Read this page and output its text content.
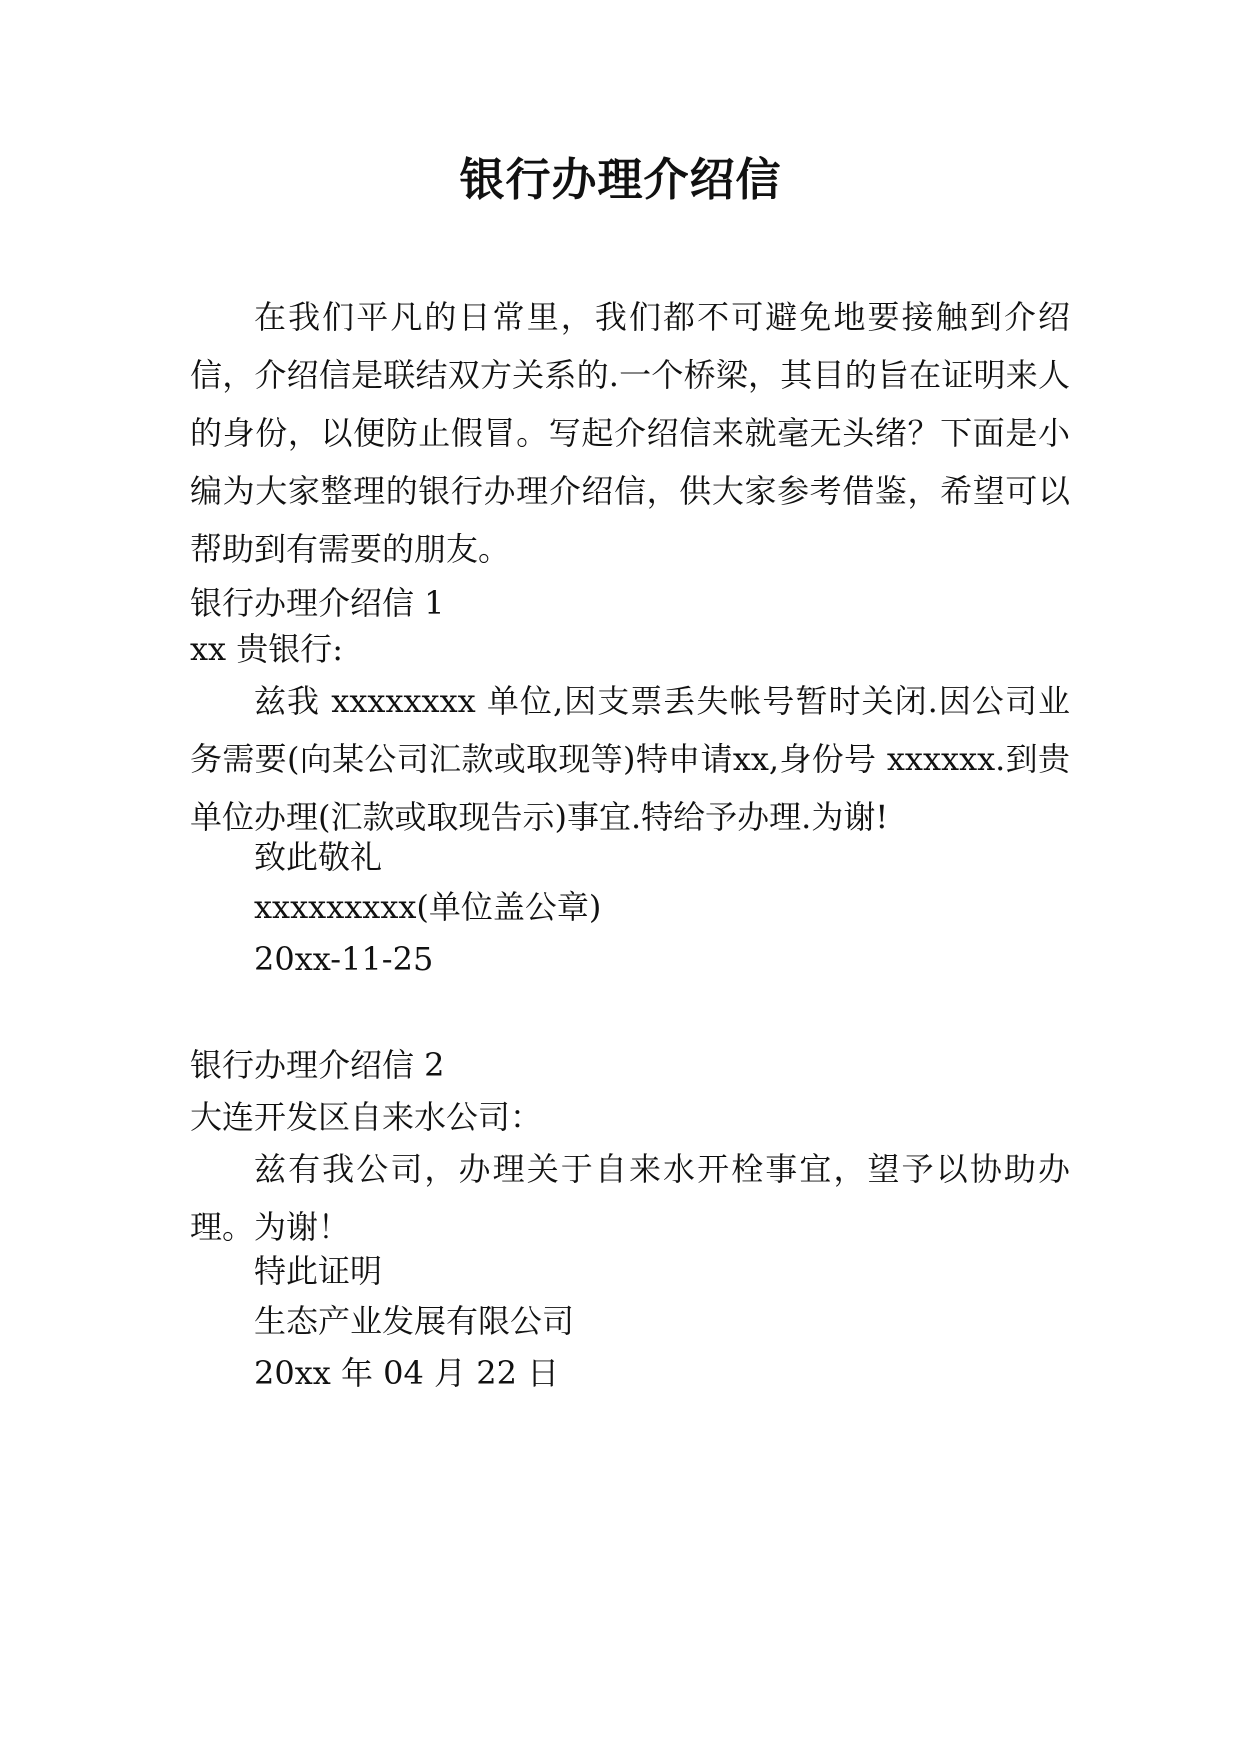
银行办理介绍信

在我们平凡的日常里，我们都不可避免地要接触到介绍信，介绍信是联结双方关系的.一个桥梁，其目的旨在证明来人的身份，以便防止假冒。写起介绍信来就毫无头绪？下面是小编为大家整理的银行办理介绍信，供大家参考借鉴，希望可以帮助到有需要的朋友。

银行办理介绍信 1
xx 贵银行:

兹我 xxxxxxxx 单位,因支票丢失帐号暂时关闭.因公司业务需要(向某公司汇款或取现等)特申请xx,身份号 xxxxxx.到贵单位办理(汇款或取现告示)事宜.特给予办理.为谢!

致此敬礼
xxxxxxxxx(单位盖公章)
20xx-11-25
银行办理介绍信 2
大连开发区自来水公司：

兹有我公司，办理关于自来水开栓事宜，望予以协助办理。为谢！

特此证明
生态产业发展有限公司
20xx 年 04 月 22 日
